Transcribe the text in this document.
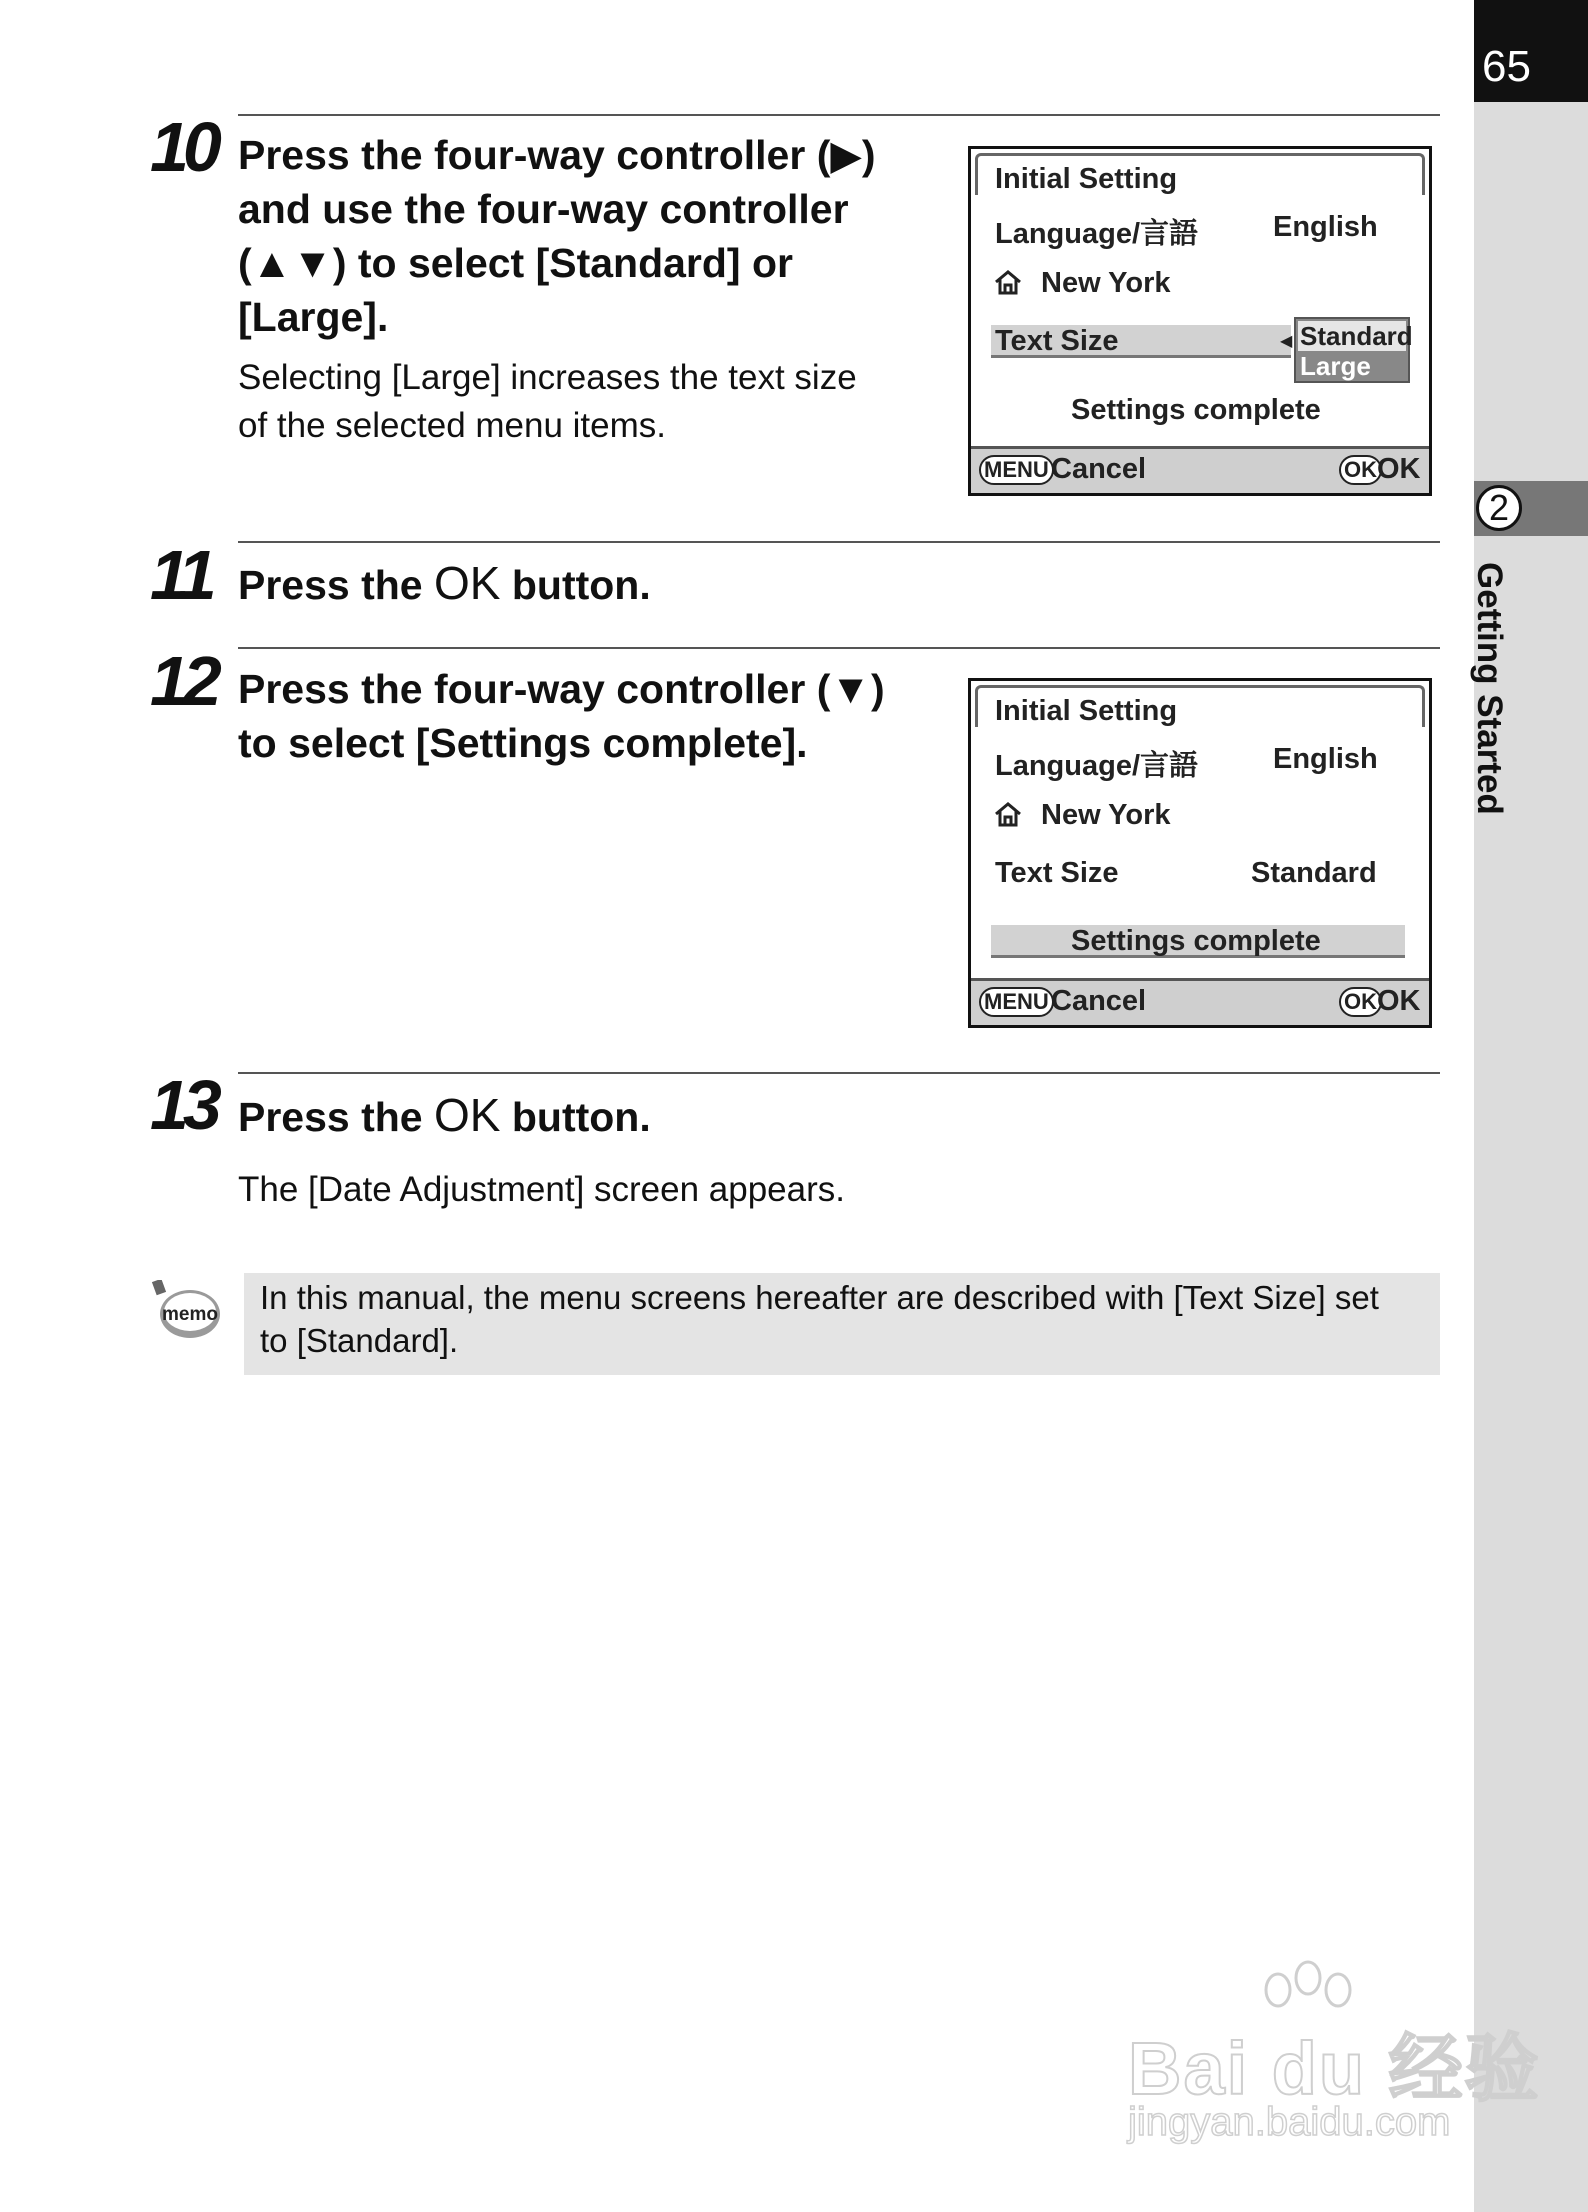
65
2
Getting Started
10 Press the four-way controller (▶)
and use the four-way controller
(▲▼) to select [Standard] or
[Large].
Selecting [Large] increases the text size
of the selected menu items.
Initial Setting
Language/言語	English
New York
Text Size	◀ Standard
Large
Settings complete
MENU Cancel	OK OK
11 Press the OK button.
12 Press the four-way controller (▼)
to select [Settings complete].
Initial Setting
Language/言語	English
New York
Text Size	Standard
Settings complete
MENU Cancel	OK OK
13 Press the OK button.
The [Date Adjustment] screen appears.
memo In this manual, the menu screens hereafter are described with [Text Size] set
to [Standard].
Bai du 经验
jingyan.baidu.com
